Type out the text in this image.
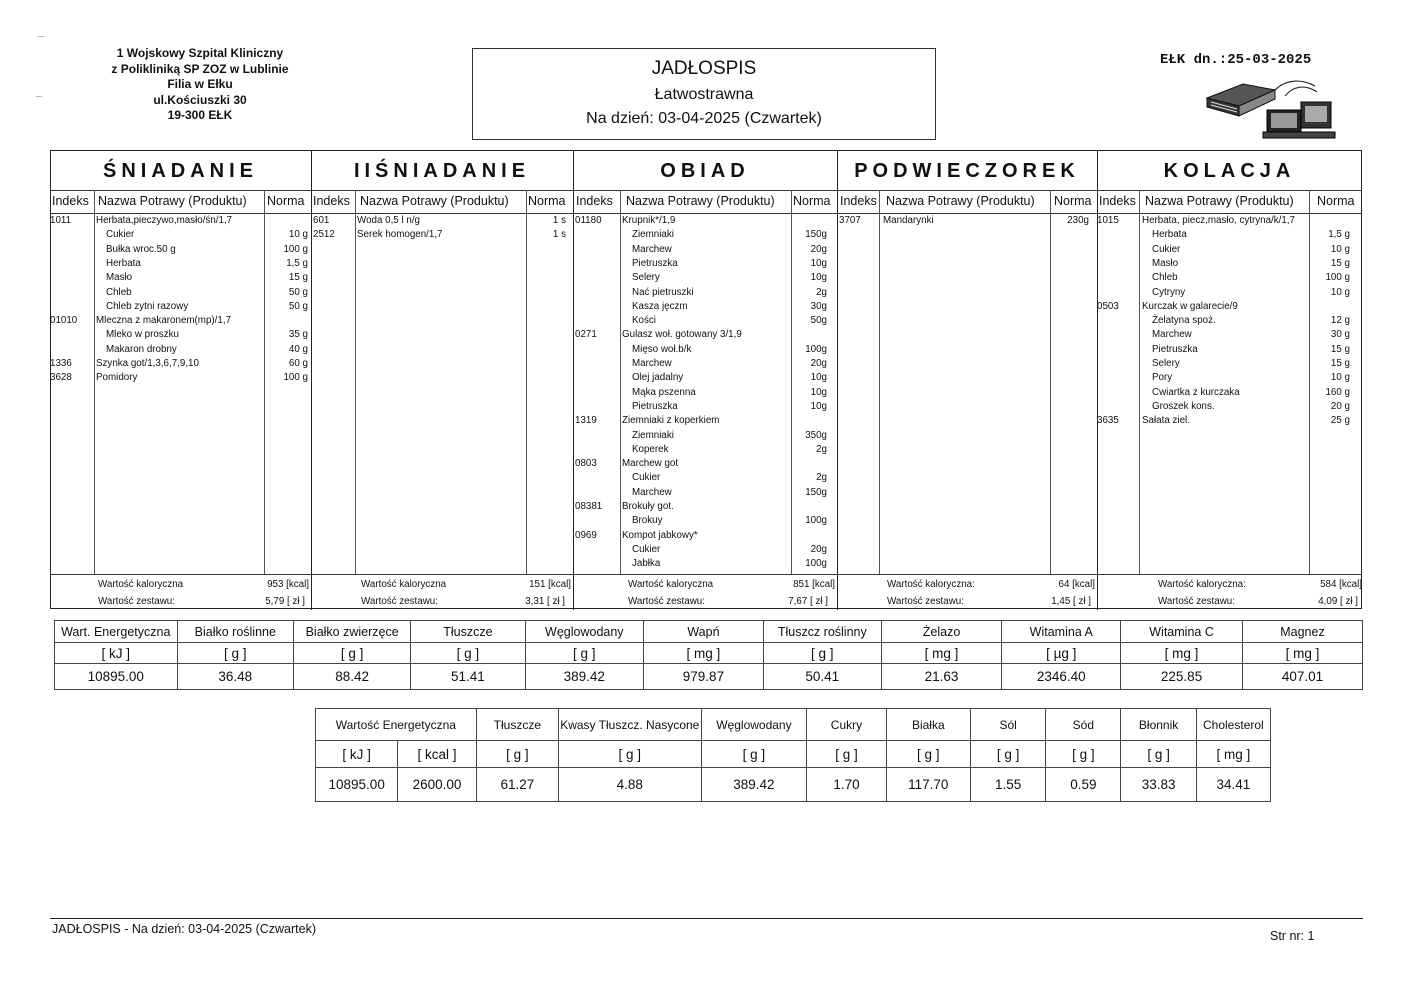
1 Wojskowy Szpital Kliniczny
z Polikliniką SP ZOZ w Lublinie
Filia w Ełku
ul.Kościuszki 30
19-300 EŁK
JADŁOSPIS
Łatwostrawna
Na dzień: 03-04-2025 (Czwartek)
EŁK dn.:25-03-2025
ŚNIADANIE
Indeks Nazwa Potrawy (Produktu) Norma
1011	Herbata,pieczywo,masło/śn/1,7
Cukier	10 g
Bułka wroc.50 g	100 g
Herbata	1,5 g
Masło	15 g
Chleb	50 g
Chleb zytni razowy	50 g
01010 Mleczna z makaronem(mp)/1,7
Mleko w proszku	35 g
Makaron drobny	40 g
1336 Szynka got/1,3,6,7,9,10	60 g
3628 Pomidory	100 g
Wartość kaloryczna	953 [kcal]
Wartość zestawu:	5,79 [ zł ]
IIŚNIADANIE
Indeks Nazwa Potrawy (Produktu) Norma
601	Woda 0,5 l n/g	1 s
2512 Serek homogen/1,7	1 s
Wartość kaloryczna	151 [kcal]
Wartość zestawu:	3,31 [ zł ]
OBIAD
Indeks Nazwa Potrawy (Produktu) Norma
01180 Krupnik*/1,9
Ziemniaki	150g
Marchew	20g
Pietruszka	10g
Selery	10g
Nać pietruszki	2g
Kasza jęczm	30g
Kości	50g
0271	Gulasz woł. gotowany 3/1,9
Mięso woł.b/k	100g
Marchew	20g
Olej jadalny	10g
Mąka pszenna	10g
Pietruszka	10g
1319	Ziemniaki z koperkiem
Ziemniaki	350g
Koperek	2g
0803	Marchew got
Cukier	2g
Marchew	150g
08381 Brokuły got.
Brokuy	100g
0969	Kompot jabkowy*
Cukier	20g
Jabłka	100g
Wartość kaloryczna	851 [kcal]
Wartość zestawu:	7,67 [ zł ]
PODWIECZOREK
Indeks Nazwa Potrawy (Produktu) Norma
3707 Mandarynki	230g
Wartość kaloryczna:	64 [kcal]
Wartość zestawu:	1,45 [ zł ]
KOLACJA
Indeks Nazwa Potrawy (Produktu) Norma
1015 Herbata, piecz,masło, cytryna/k/1,7
Herbata	1,5 g
Cukier	10 g
Masło	15 g
Chleb	100 g
Cytryny	10 g
0503 Kurczak w galarecie/9
Żelatyna spoż.	12 g
Marchew	30 g
Pietruszka	15 g
Selery	15 g
Pory	10 g
Cwiartka z kurczaka	160 g
Groszek kons.	20 g
3635 Sałata ziel.	25 g
Wartość kaloryczna:	584 [kcal]
Wartość zestawu:	4,09 [ zł ]
Wart. Energetyczna	Białko roślinne	Białko zwierzęce	Tłuszcze	Węglowodany	Wapń	Tłuszcz roślinny	Żelazo	Witamina A	Witamina C	Magnez
[ kJ ]	[ g ]	[ g ]	[ g ]	[ g ]	[ mg ]	[ g ]	[ mg ]	[ µg ]	[ mg ]	[ mg ]
10895.00	36.48	88.42	51.41	389.42	979.87	50.41	21.63	2346.40	225.85	407.01
Wartość Energetyczna		Tłuszcze	Kwasy Tłuszcz. Nasycone	Węglowodany	Cukry	Białka	Sól	Sód	Błonnik	Cholesterol
[ kJ ]	[ kcal ]	[ g ]	[ g ]	[ g ]	[ g ]	[ g ]	[ g ]	[ g ]	[ g ]	[ mg ]
10895.00	2600.00	61.27	4.88	389.42	1.70	117.70	1.55	0.59	33.83	34.41
JADŁOSPIS - Na dzień: 03-04-2025 (Czwartek)	Str nr: 1
